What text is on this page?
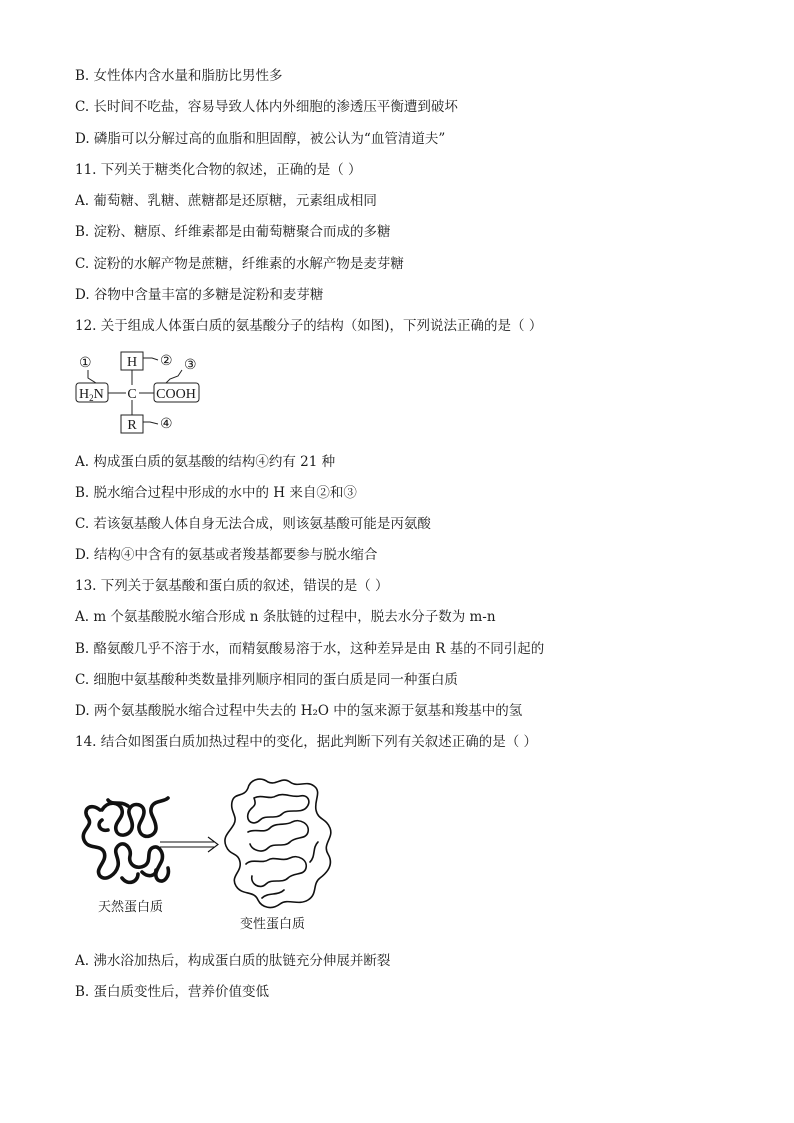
B. 女性体内含水量和脂肪比男性多
C. 长时间不吃盐，容易导致人体内外细胞的渗透压平衡遭到破坏
D. 磷脂可以分解过高的血脂和胆固醇，被公认为“血管清道夫”
11. 下列关于糖类化合物的叙述，正确的是（ ）
A. 葡萄糖、乳糖、蔗糖都是还原糖，元素组成相同
B. 淀粉、糖原、纤维素都是由葡萄糖聚合而成的多糖
C. 淀粉的水解产物是蔗糖，纤维素的水解产物是麦芽糖
D. 谷物中含量丰富的多糖是淀粉和麦芽糖
12. 关于组成人体蛋白质的氨基酸分子的结构（如图)，下列说法正确的是（ ）
①	② ③
④
H
C
R
$H_2N$	COOH
A. 构成蛋白质的氨基酸的结构④约有 21 种
B. 脱水缩合过程中形成的水中的 H 来自②和③
C. 若该氨基酸人体自身无法合成，则该氨基酸可能是丙氨酸
D. 结构④中含有的氨基或者羧基都要参与脱水缩合
13. 下列关于氨基酸和蛋白质的叙述，错误的是（ ）
A. m 个氨基酸脱水缩合形成 n 条肽链的过程中，脱去水分子数为 m-n
B. 酪氨酸几乎不溶于水，而精氨酸易溶于水，这种差异是由 R 基的不同引起的
C. 细胞中氨基酸种类数量排列顺序相同的蛋白质是同一种蛋白质
D. 两个氨基酸脱水缩合过程中失去的 H₂O 中的氢来源于氨基和羧基中的氢
14. 结合如图蛋白质加热过程中的变化，据此判断下列有关叙述正确的是（ ）
天然蛋白质
变性蛋白质
A. 沸水浴加热后，构成蛋白质的肽链充分伸展并断裂
B. 蛋白质变性后，营养价值变低
